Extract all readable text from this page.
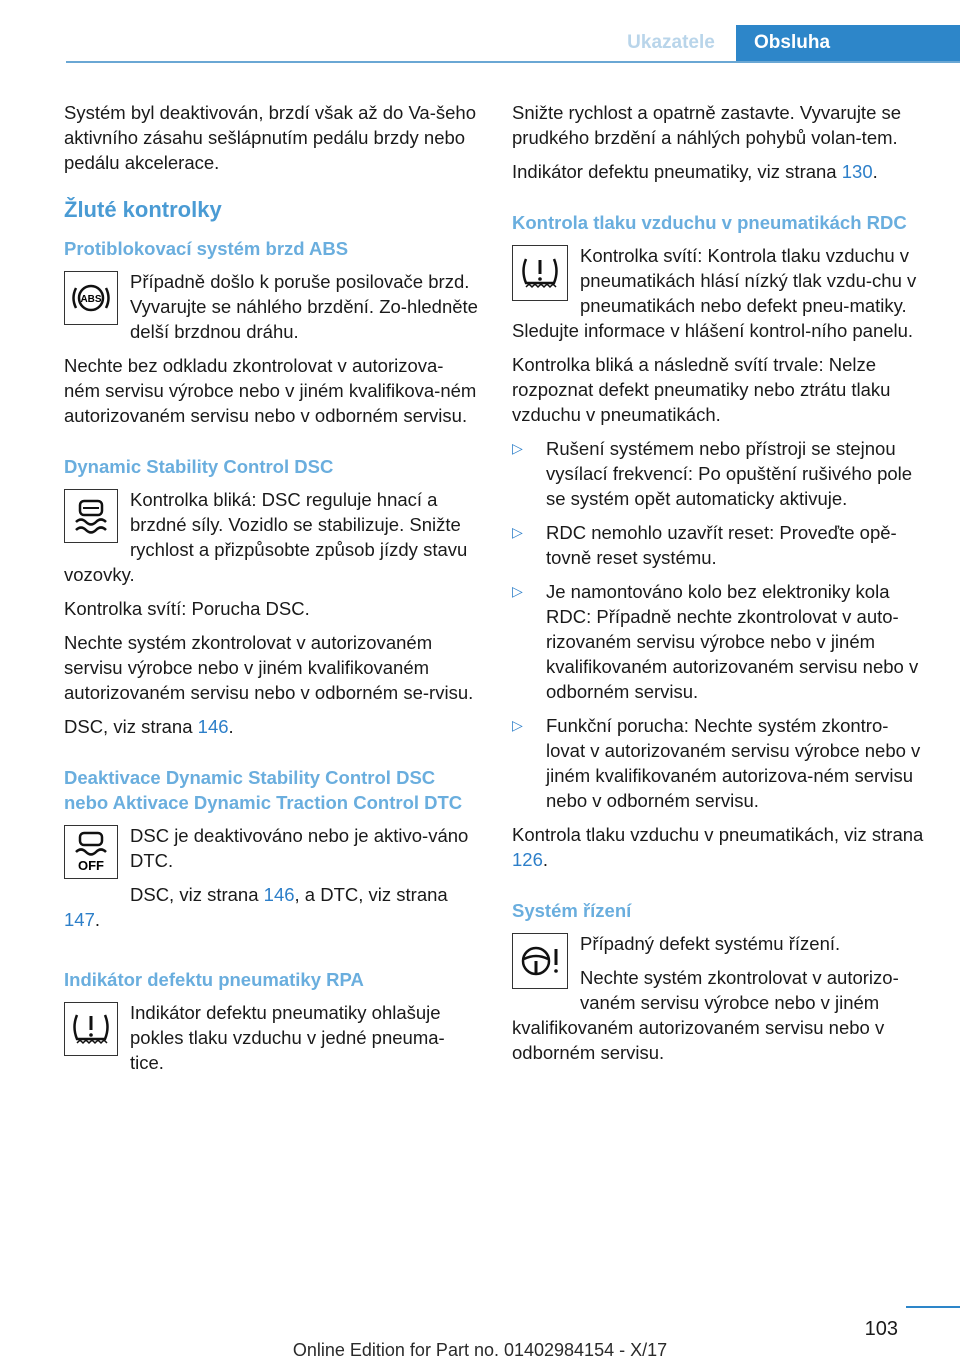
Ukazatele	Obsluha

Systém byl deaktivován, brzdí však až do Va‐šeho aktivního zásahu sešlápnutím pedálu brzdy nebo pedálu akcelerace.

Žluté kontrolky
Protiblokovací systém brzd ABS
ABS

Případně došlo k poruše posilovače brzd. Vyvarujte se náhlého brzdění. Zo‐hledněte delší brzdnou dráhu.

Nechte bez odkladu zkontrolovat v autorizova‐ném servisu výrobce nebo v jiném kvalifikova‐ném autorizovaném servisu nebo v odborném servisu.

Dynamic Stability Control DSC

Kontrolka bliká: DSC reguluje hnací a brzdné síly. Vozidlo se stabilizuje. Snižte rychlost a přizpůsobte způsob jízdy stavu vozovky.

Kontrolka svítí: Porucha DSC.

Nechte systém zkontrolovat v autorizovaném servisu výrobce nebo v jiném kvalifikovaném autorizovaném servisu nebo v odborném se‐rvisu.

DSC, viz strana 146.

Deaktivace Dynamic Stability Control DSC nebo Aktivace Dynamic Traction Control DTC
OFF

DSC je deaktivováno nebo je aktivo‐váno DTC.

DSC, viz strana 146, a DTC, viz strana 147.

Indikátor defektu pneumatiky RPA

Indikátor defektu pneumatiky ohlašuje pokles tlaku vzduchu v jedné pneuma‐tice.

Snižte rychlost a opatrně zastavte. Vyvarujte se prudkého brzdění a náhlých pohybů volan‐tem.

Indikátor defektu pneumatiky, viz strana 130.

Kontrola tlaku vzduchu v pneumatikách RDC

Kontrolka svítí: Kontrola tlaku vzduchu v pneumatikách hlásí nízký tlak vzdu‐chu v pneumatikách nebo defekt pneu‐matiky. Sledujte informace v hlášení kontrol‐ního panelu.

Kontrolka bliká a následně svítí trvale: Nelze rozpoznat defekt pneumatiky nebo ztrátu tlaku vzduchu v pneumatikách.

▷ Rušení systémem nebo přístroji se stejnou vysílací frekvencí: Po opuštění rušivého pole se systém opět automaticky aktivuje.
▷ RDC nemohlo uzavřít reset: Proveďte opě‐tovně reset systému.
▷ Je namontováno kolo bez elektroniky kola RDC: Případně nechte zkontrolovat v auto‐rizovaném servisu výrobce nebo v jiném kvalifikovaném autorizovaném servisu nebo v odborném servisu.
▷ Funkční porucha: Nechte systém zkontro‐lovat v autorizovaném servisu výrobce nebo v jiném kvalifikovaném autorizova‐ném servisu nebo v odborném servisu.

Kontrola tlaku vzduchu v pneumatikách, viz strana 126.

Systém řízení

Případný defekt systému řízení.

Nechte systém zkontrolovat v autorizo‐vaném servisu výrobce nebo v jiném kvalifikovaném autorizovaném servisu nebo v odborném servisu.

103
Online Edition for Part no. 01402984154 - X/17
